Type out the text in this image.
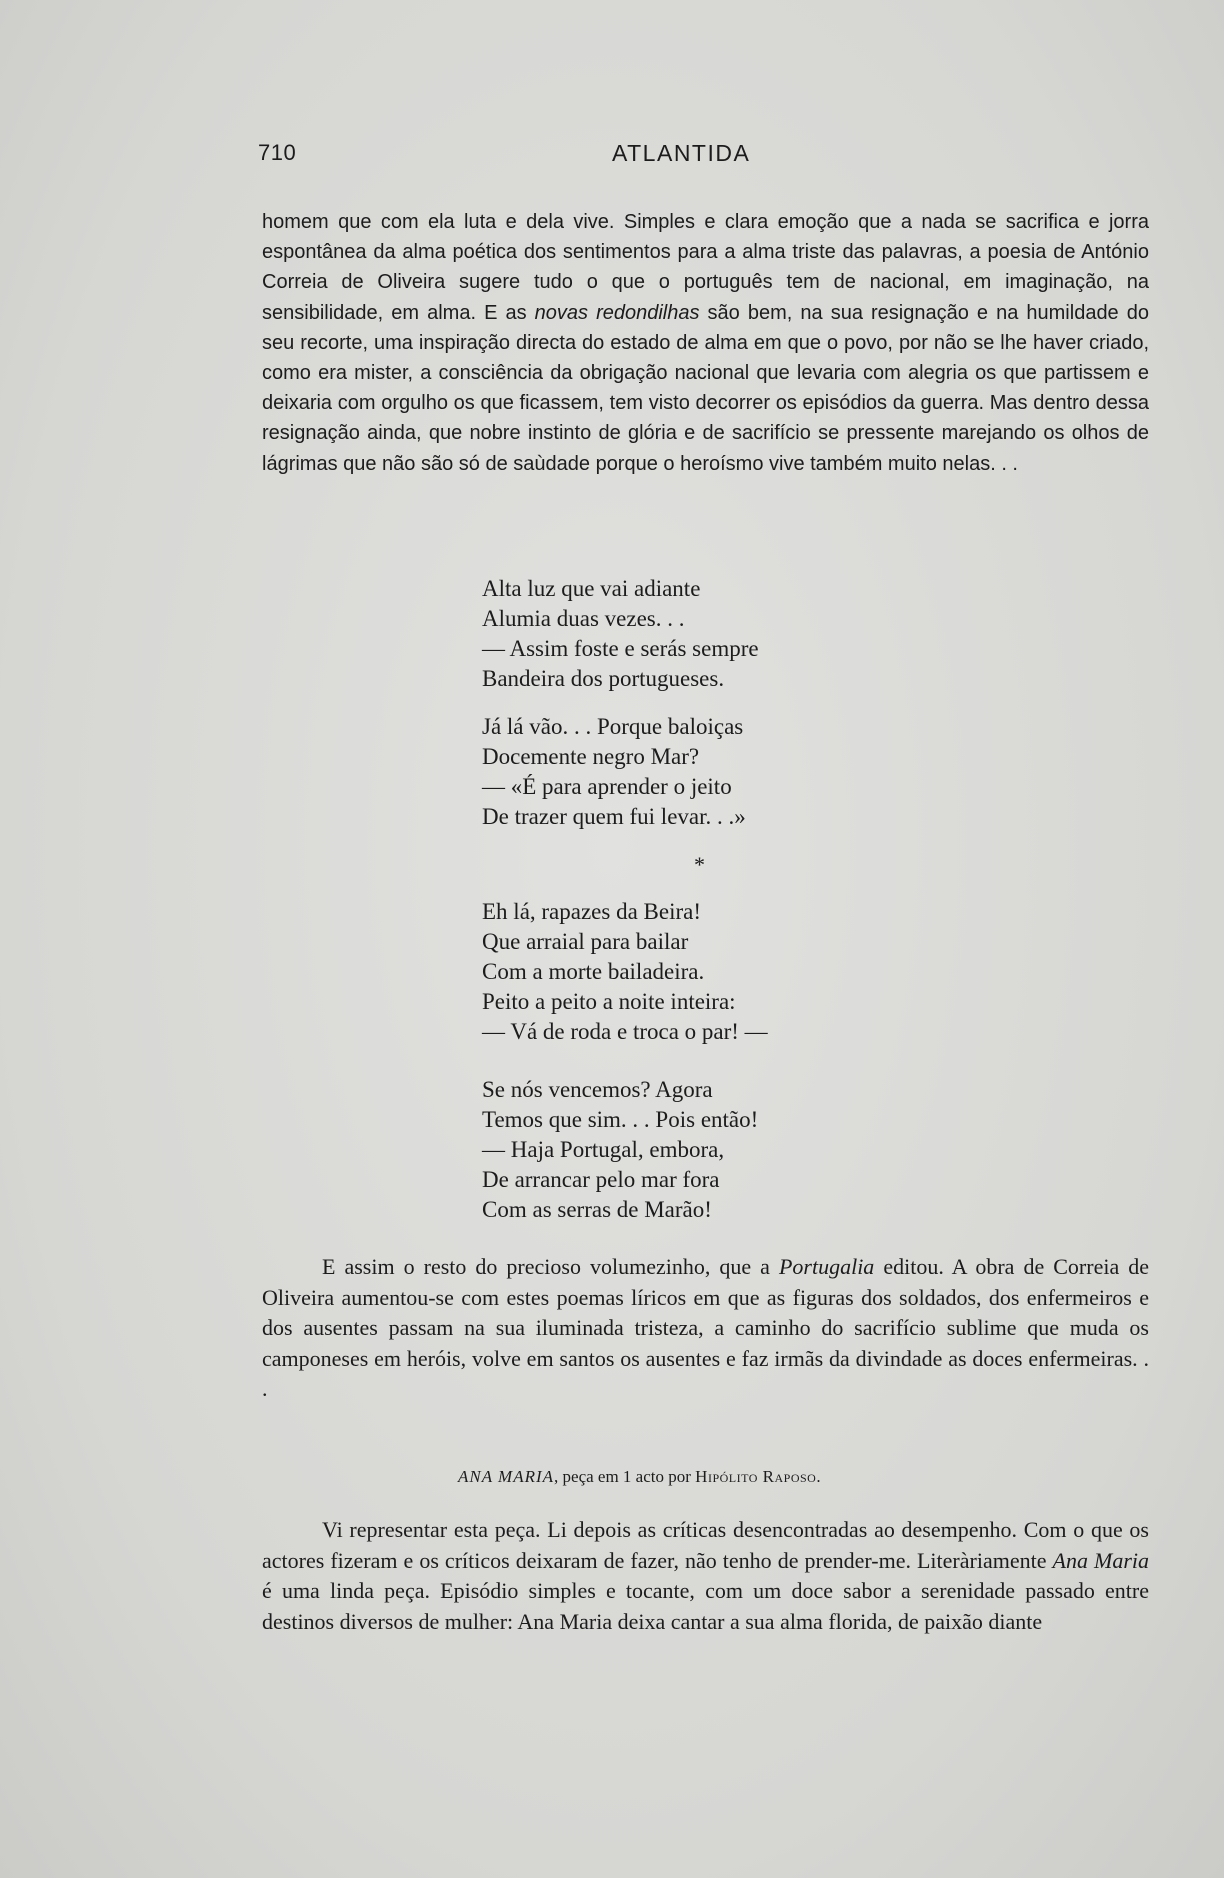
710	ATLANTIDA

homem que com ela luta e dela vive. Simples e clara emoção que a nada se sacrifica e jorra espontânea da alma poética dos sentimentos para a alma triste das palavras, a poesia de António Correia de Oliveira sugere tudo o que o português tem de nacional, em imaginação, na sensibilidade, em alma. E as novas redondilhas são bem, na sua resignação e na humildade do seu recorte, uma inspiração directa do estado de alma em que o povo, por não se lhe haver criado, como era mister, a consciência da obrigação nacional que levaria com alegria os que partissem e deixaria com orgulho os que ficassem, tem visto decorrer os episódios da guerra. Mas dentro dessa resignação ainda, que nobre instinto de glória e de sacrifício se pressente marejando os olhos de lágrimas que não são só de saùdade porque o heroísmo vive também muito nelas. . .

Alta luz que vai adiante
Alumia duas vezes. . .
— Assim foste e serás sempre
Bandeira dos portugueses.
Já lá vão. . . Porque baloiças
Docemente negro Mar?
— «É para aprender o jeito
De trazer quem fui levar. . .»
*
Eh lá, rapazes da Beira!
Que arraial para bailar
Com a morte bailadeira.
Peito a peito a noite inteira:
— Vá de roda e troca o par! —
Se nós vencemos? Agora
Temos que sim. . . Pois então!
— Haja Portugal, embora,
De arrancar pelo mar fora
Com as serras de Marão!

E assim o resto do precioso volumezinho, que a Portugalia editou. A obra de Correia de Oliveira aumentou-se com estes poemas líricos em que as figuras dos soldados, dos enfermeiros e dos ausentes passam na sua iluminada tristeza, a caminho do sacrifício sublime que muda os camponeses em heróis, volve em santos os ausentes e faz irmãs da divindade as doces enfermeiras. . .

ANA MARIA, peça em 1 acto por Hipólito Raposo.

Vi representar esta peça. Li depois as críticas desencontradas ao desempenho. Com o que os actores fizeram e os críticos deixaram de fazer, não tenho de prender-me. Literàriamente Ana Maria é uma linda peça. Episódio simples e tocante, com um doce sabor a serenidade passado entre destinos diversos de mulher: Ana Maria deixa cantar a sua alma florida, de paixão diante
